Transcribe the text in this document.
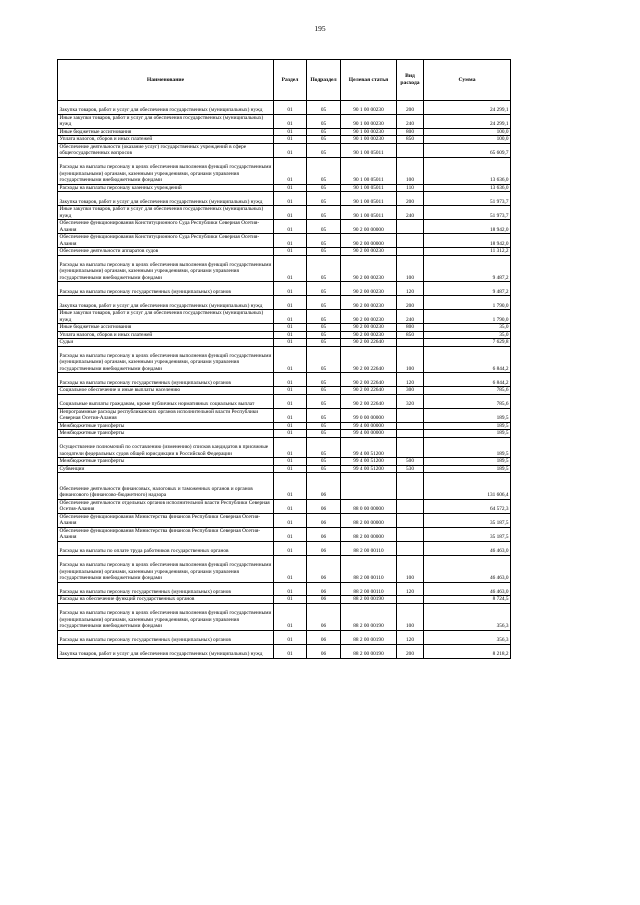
195
Наименование	Раздел	Подраздел	Целевая статья	Вид расхода	Сумма
Закупка товаров, работ и услуг для обеспечения государственных (муниципальных) нужд	01	05	90 1 00 00230	200	24 299,1
Иные закупки товаров, работ и услуг для обеспечения государственных (муниципальных) нужд	01	05	90 1 00 00230	240	24 299,1
Иные бюджетные ассигнования	01	05	90 1 00 00230	800	100,0
Уплата налогов, сборов и иных платежей	01	05	90 1 00 00230	850	100,0
Обеспечение деятельности (оказание услуг) государственных учреждений в сфере общегосударственных вопросов	01	05	90 1 00 05011		65 609,7
Расходы на выплаты персоналу в целях обеспечения выполнения функций государственными (муниципальными) органами, казенными учреждениями, органами управления государственными внебюджетными фондами	01	05	90 1 00 05011	100	13 636,0
Расходы на выплаты персоналу казенных учреждений	01	05	90 1 00 05011	110	13 636,0
Закупка товаров, работ и услуг для обеспечения государственных (муниципальных) нужд	01	05	90 1 00 05011	200	51 973,7
Иные закупки товаров, работ и услуг для обеспечения государственных (муниципальных) нужд	01	05	90 1 00 05011	240	51 973,7
Обеспечение функционирования Конституционного Суда Республики Северная Осетия-Алания	01	05	90 2 00 00000		18 942,0
Обеспечение функционирования Конституционного Суда Республики Северная Осетия-Алания	01	05	90 2 00 00000		18 942,0
Обеспечение деятельности аппаратов судов	01	05	90 2 00 00230		11 312,2
Расходы на выплаты персоналу в целях обеспечения выполнения функций государственными (муниципальными) органами, казенными учреждениями, органами управления государственными внебюджетными фондами	01	05	90 2 00 00230	100	9 487,2
Расходы на выплаты персоналу государственных (муниципальных) органов	01	05	90 2 00 00230	120	9 487,2
Закупка товаров, работ и услуг для обеспечения государственных (муниципальных) нужд	01	05	90 2 00 00230	200	1 790,0
Иные закупки товаров, работ и услуг для обеспечения государственных (муниципальных) нужд	01	05	90 2 00 00230	240	1 790,0
Иные бюджетные ассигнования	01	05	90 2 00 00230	800	35,0
Уплата налогов, сборов и иных платежей	01	05	90 2 00 00230	850	35,0
Судьи	01	05	90 2 00 22640		7 629,8
Расходы на выплаты персоналу в целях обеспечения выполнения функций государственными (муниципальными) органами, казенными учреждениями, органами управления государственными внебюджетными фондами	01	05	90 2 00 22640	100	6 844,2
Расходы на выплаты персоналу государственных (муниципальных) органов	01	05	90 2 00 22640	120	6 844,2
Социальное обеспечение и иные выплаты населению	01	05	90 2 00 22640	300	785,6
Социальные выплаты гражданам, кроме публичных нормативных социальных выплат	01	05	90 2 00 22640	320	785,6
Непрограммные расходы республиканских органов исполнительной власти Республики Северная Осетия-Алания	01	05	99 0 00 00000		189,5
Межбюджетные трансферты	01	05	99 4 00 00000		189,5
Межбюджетные трансферты	01	05	99 4 00 00000		189,5
Осуществление полномочий по составлению (изменению) списков кандидатов в присяжные заседатели федеральных судов общей юрисдикции в Российской Федерации	01	05	99 4 00 51200		189,5
Межбюджетные трансферты	01	05	99 4 00 51200	500	189,5
Субвенции	01	05	99 4 00 51200	530	189,5
Обеспечение деятельности финансовых, налоговых и таможенных органов и органов финансового (финансово-бюджетного) надзора	01	06			131 606,4
Обеспечение деятельности отдельных органов исполнительной власти Республики Северная Осетия-Алания	01	06	88 0 00 00000		64 572,3
Обеспечение функционирования Министерства финансов Республики Северная Осетия-Алания	01	06	88 2 00 00000		35 187,5
Обеспечение функционирования Министерства финансов Республики Северная Осетия-Алания	01	06	88 2 00 00000		35 187,5
Расходы на выплаты по оплате труда работников государственных органов	01	06	88 2 00 00110		46 463,0
Расходы на выплаты персоналу в целях обеспечения выполнения функций государственными (муниципальными) органами, казенными учреждениями, органами управления государственными внебюджетными фондами	01	06	88 2 00 00110	100	46 463,0
Расходы на выплаты персоналу государственных (муниципальных) органов	01	06	88 2 00 00110	120	46 463,0
Расходы на обеспечение функций государственных органов	01	06	88 2 00 00190		8 724,5
Расходы на выплаты персоналу в целях обеспечения выполнения функций государственными (муниципальными) органами, казенными учреждениями, органами управления государственными внебюджетными фондами	01	06	88 2 00 00190	100	356,3
Расходы на выплаты персоналу государственных (муниципальных) органов	01	06	88 2 00 00190	120	356,3
Закупка товаров, работ и услуг для обеспечения государственных (муниципальных) нужд	01	06	88 2 00 00190	200	8 218,2
